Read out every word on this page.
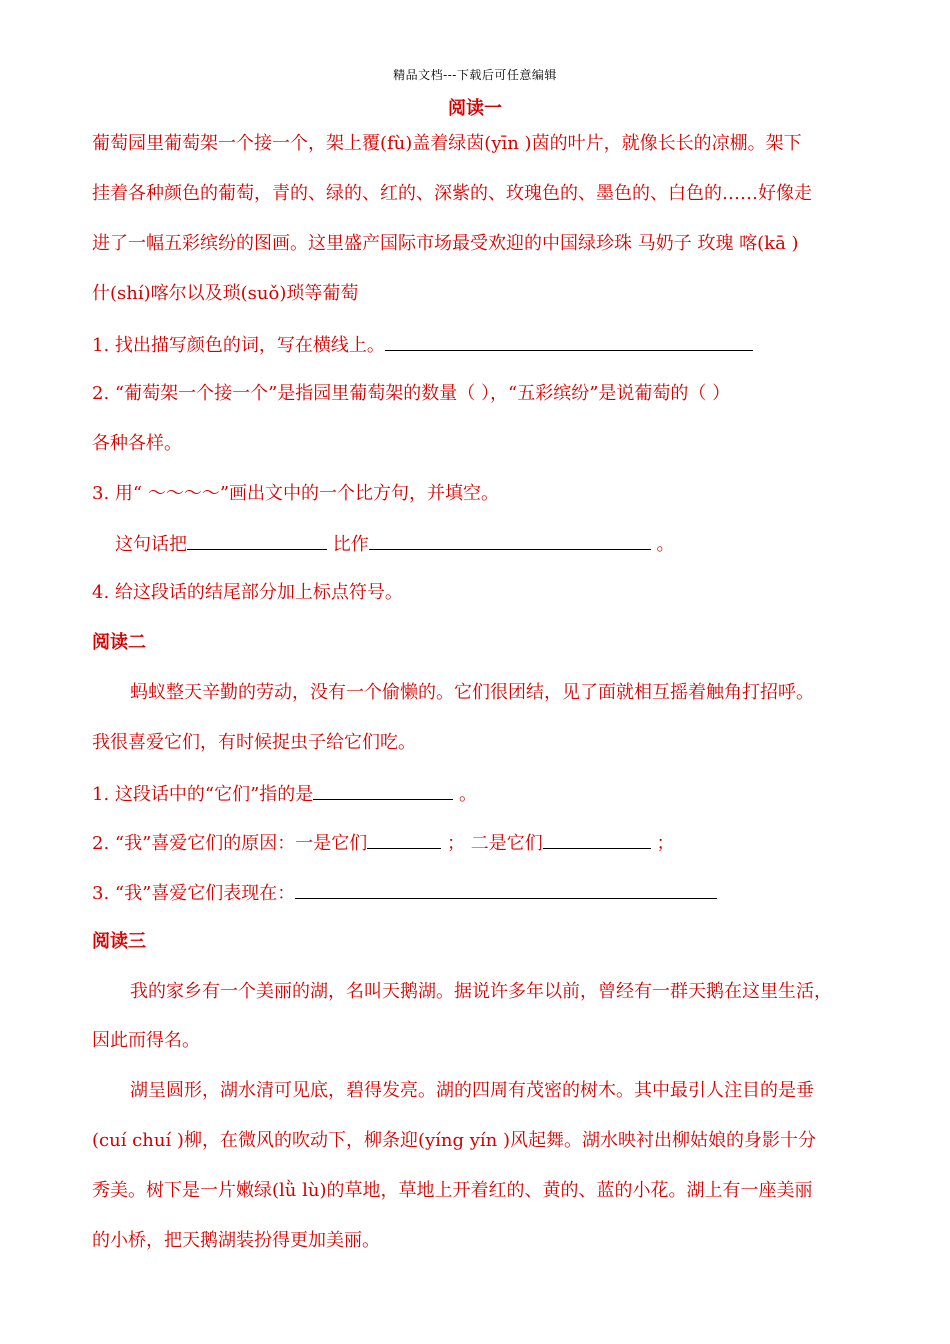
精品文档---下载后可任意编辑
阅读一
葡萄园里葡萄架一个接一个，架上覆(fù)盖着绿茵(yīn )茵的叶片，就像长长的凉棚。架下
挂着各种颜色的葡萄，青的、绿的、红的、深紫的、玫瑰色的、墨色的、白色的……好像走
进了一幅五彩缤纷的图画。这里盛产国际市场最受欢迎的中国绿珍珠 马奶子 玫瑰 喀(kā )
什(shí)喀尔以及琐(suǒ)琐等葡萄
1. 找出描写颜色的词，写在横线上。
2. “葡萄架一个接一个”是指园里葡萄架的数量（ ），“五彩缤纷”是说葡萄的（ ）
各种各样。
3. 用“ ～～～～”画出文中的一个比方句，并填空。
这句话把	比作	。
4. 给这段话的结尾部分加上标点符号。
阅读二
蚂蚁整天辛勤的劳动，没有一个偷懒的。它们很团结，见了面就相互摇着触角打招呼。
我很喜爱它们，有时候捉虫子给它们吃。
1. 这段话中的“它们”指的是	。
2. “我”喜爱它们的原因：一是它们	； 二是它们	；
3. “我”喜爱它们表现在：
阅读三
我的家乡有一个美丽的湖，名叫天鹅湖。据说许多年以前，曾经有一群天鹅在这里生活，
因此而得名。
湖呈圆形，湖水清可见底，碧得发亮。湖的四周有茂密的树木。其中最引人注目的是垂
(cuí chuí )柳，在微风的吹动下，柳条迎(yíng yín )风起舞。湖水映衬出柳姑娘的身影十分
秀美。树下是一片嫩绿(lǜ lù)的草地，草地上开着红的、黄的、蓝的小花。湖上有一座美丽
的小桥，把天鹅湖装扮得更加美丽。
